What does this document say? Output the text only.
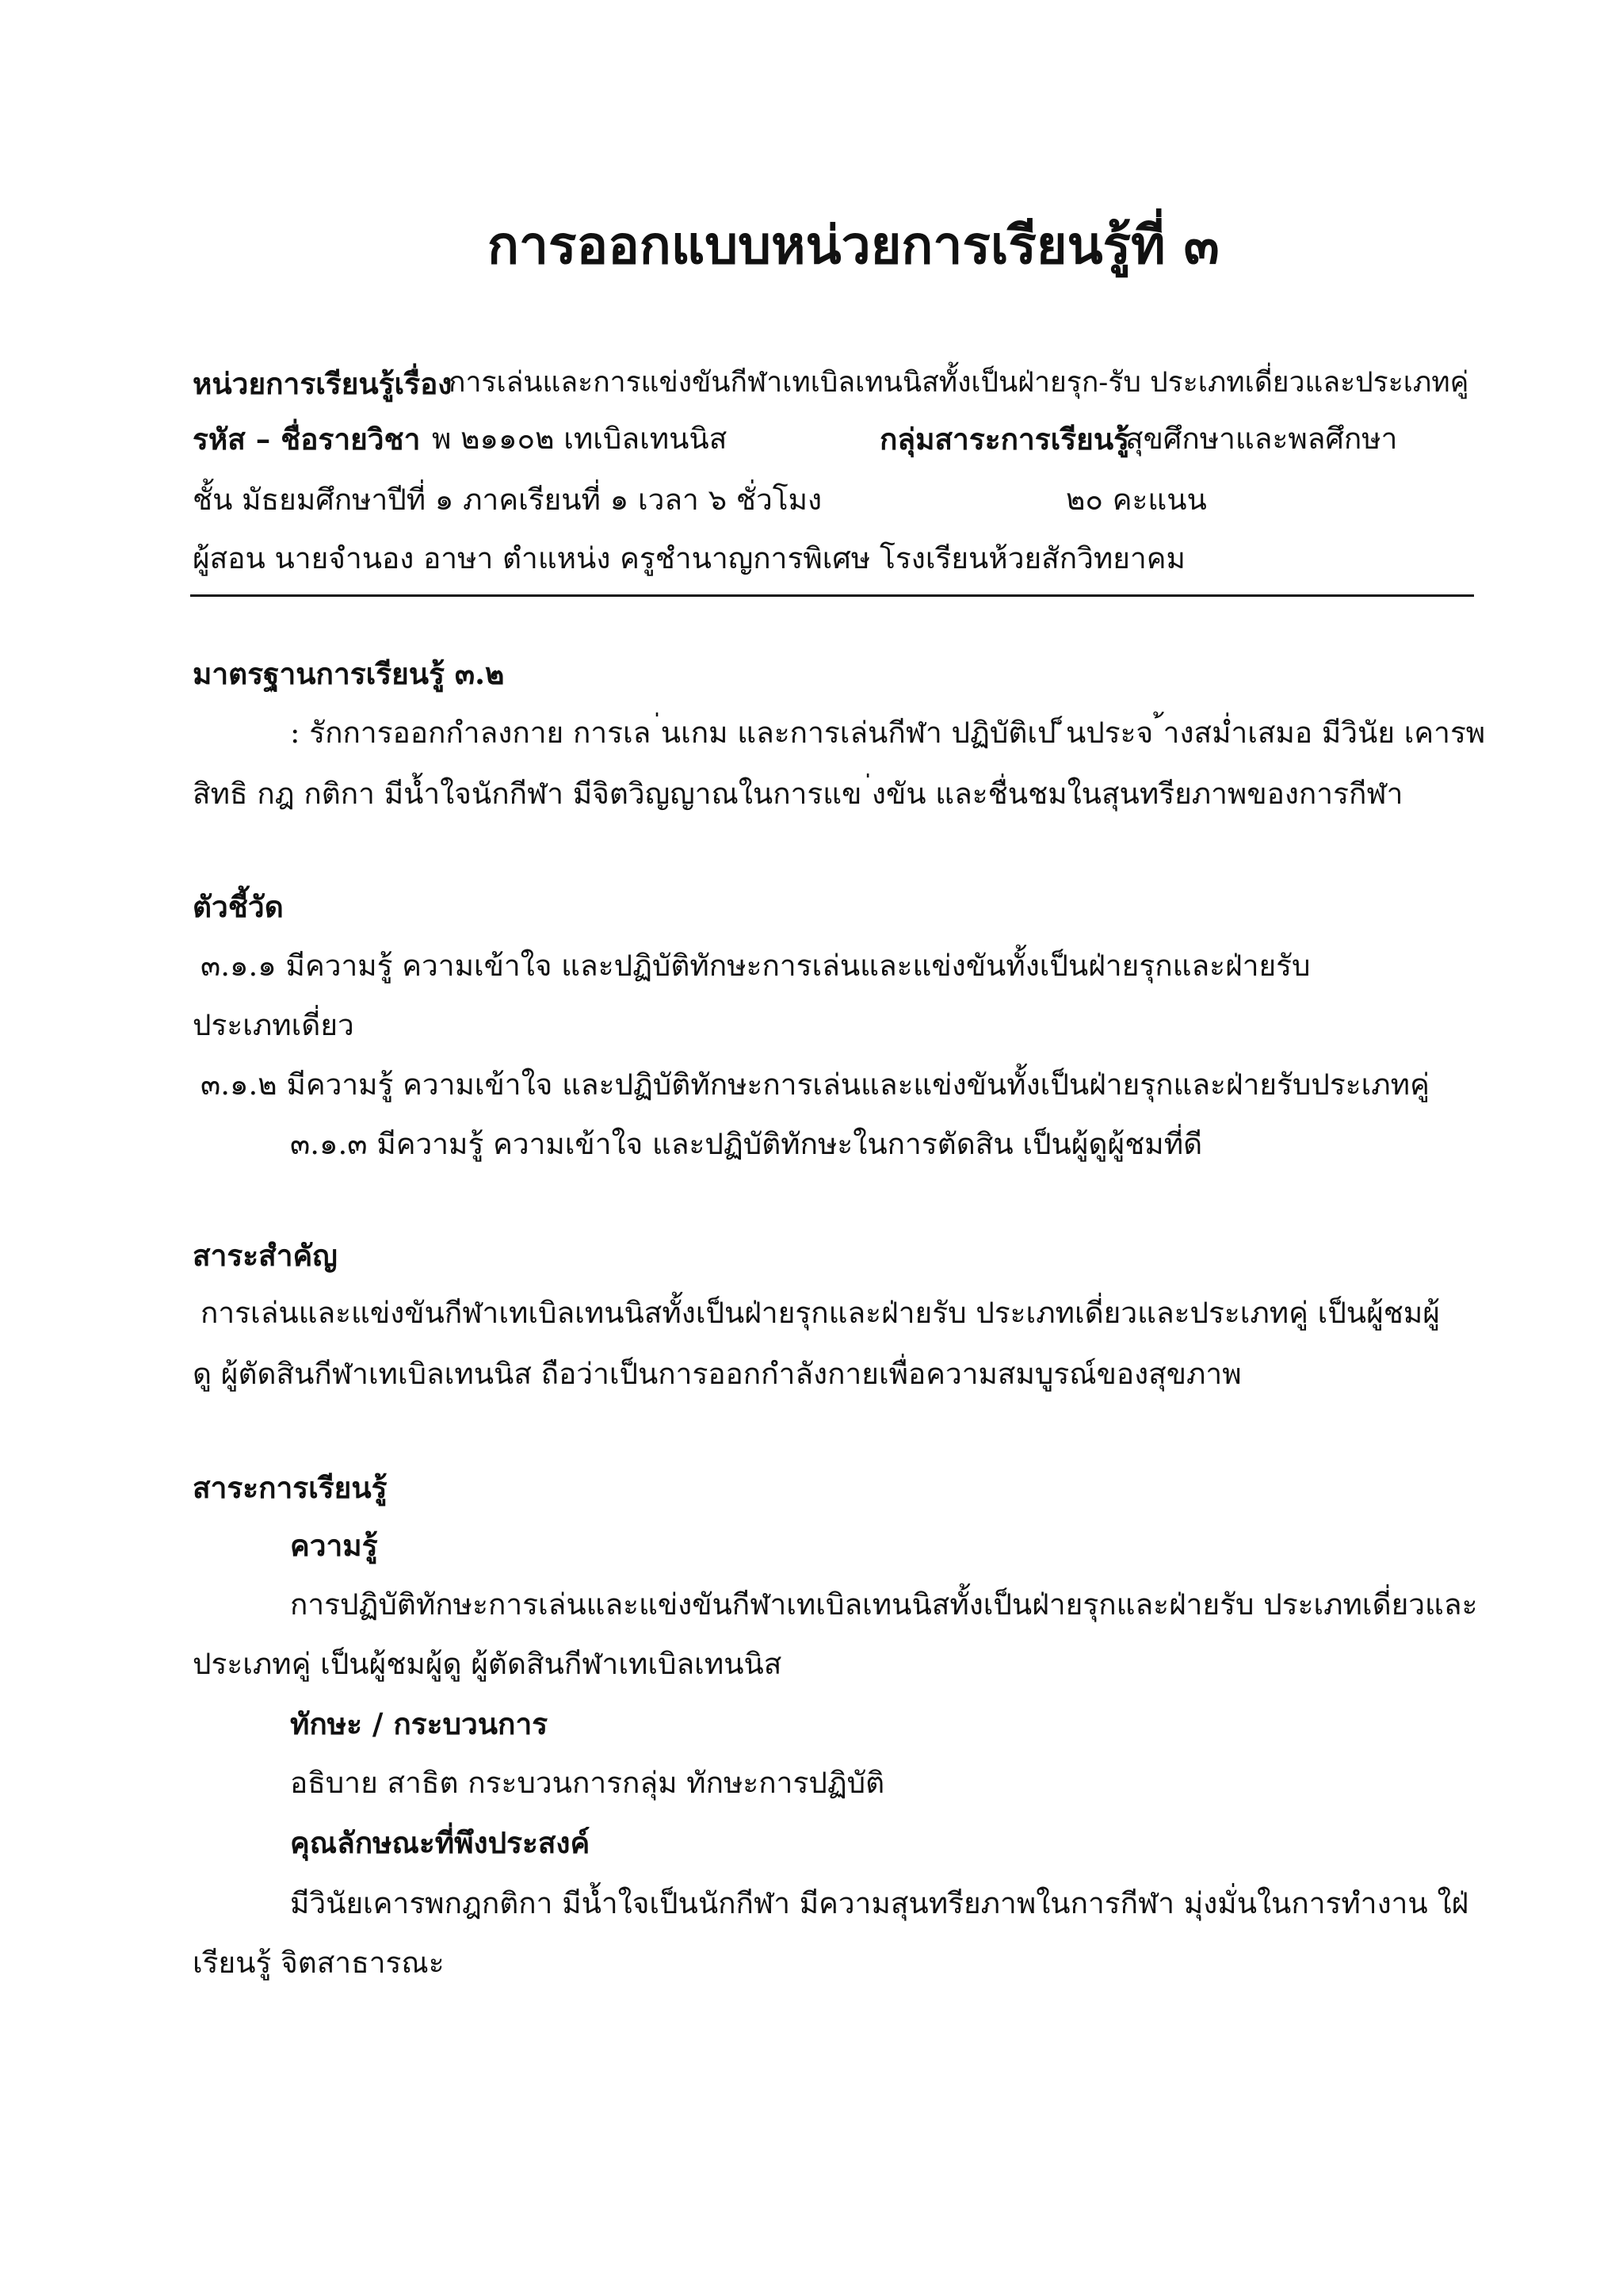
การออกแบบหน่วยการเรียนรู้ที่ ๓
หน่วยการเรียนรู้เรื่อง
การเล่นและการแข่งขันกีฬาเทเบิลเทนนิสทั้งเป็นฝ่ายรุก-รับ ประเภทเดี่ยวและประเภทคู่
รหัส – ชื่อรายวิชา พ ๒๑๑๐๒ เทเบิลเทนนิส	กลุ่มสาระการเรียนรู้
สุขศึกษาและพลศึกษา
ชั้น มัธยมศึกษาปีที่ ๑ ภาคเรียนที่ ๑ เวลา ๖ ชั่วโมง	๒๐ คะแนน
ผู้สอน นายจำนอง อาษา ตำแหน่ง ครูชำนาญการพิเศษ โรงเรียนห้วยสักวิทยาคม
มาตรฐานการเรียนรู้ ๓.๒
: รักการออกกำลงกาย การเล ่นเกม และการเล่นกีฬา ปฏิบัติเป ็นประจ ้างสม่ำเสมอ มีวินัย เคารพ
สิทธิ กฎ กติกา มีน้ำใจนักกีฬา มีจิตวิญญาณในการแข ่งขัน และชื่นชมในสุนทรียภาพของการกีฬา
ตัวชี้วัด
๓.๑.๑ มีความรู้ ความเข้าใจ และปฏิบัติทักษะการเล่นและแข่งขันทั้งเป็นฝ่ายรุกและฝ่ายรับ
ประเภทเดี่ยว
๓.๑.๒ มีความรู้ ความเข้าใจ และปฏิบัติทักษะการเล่นและแข่งขันทั้งเป็นฝ่ายรุกและฝ่ายรับประเภทคู่
๓.๑.๓ มีความรู้ ความเข้าใจ และปฏิบัติทักษะในการตัดสิน เป็นผู้ดูผู้ชมที่ดี
สาระสำคัญ
การเล่นและแข่งขันกีฬาเทเบิลเทนนิสทั้งเป็นฝ่ายรุกและฝ่ายรับ ประเภทเดี่ยวและประเภทคู่ เป็นผู้ชมผู้
ดู ผู้ตัดสินกีฬาเทเบิลเทนนิส ถือว่าเป็นการออกกำลังกายเพื่อความสมบูรณ์ของสุขภาพ
สาระการเรียนรู้
ความรู้
การปฏิบัติทักษะการเล่นและแข่งขันกีฬาเทเบิลเทนนิสทั้งเป็นฝ่ายรุกและฝ่ายรับ ประเภทเดี่ยวและ
ประเภทคู่ เป็นผู้ชมผู้ดู ผู้ตัดสินกีฬาเทเบิลเทนนิส
ทักษะ / กระบวนการ
อธิบาย สาธิต กระบวนการกลุ่ม ทักษะการปฏิบัติ
คุณลักษณะที่พึงประสงค์
มีวินัยเคารพกฎกติกา มีน้ำใจเป็นนักกีฬา มีความสุนทรียภาพในการกีฬา มุ่งมั่นในการทำงาน ใฝ่
เรียนรู้ จิตสาธารณะ
